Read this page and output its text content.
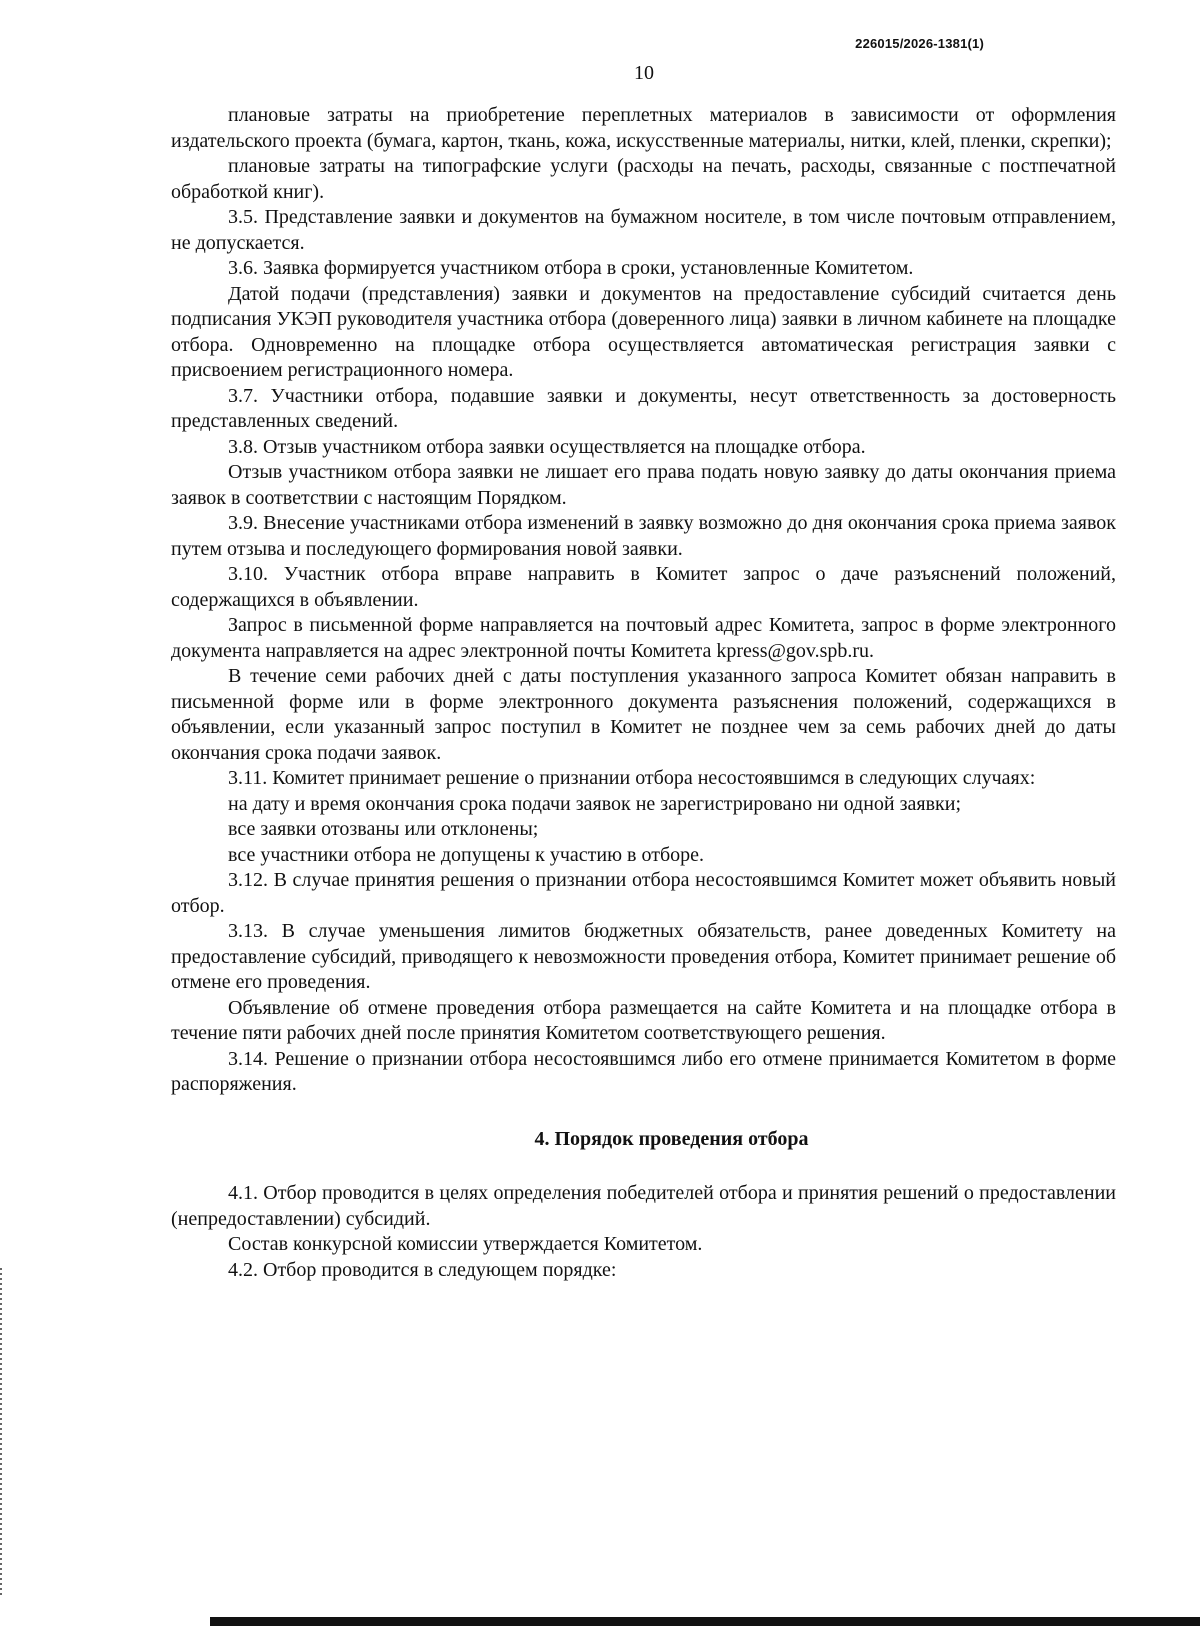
226015/2026-1381(1)
10

плановые затраты на приобретение переплетных материалов в зависимости от оформления издательского проекта (бумага, картон, ткань, кожа, искусственные материалы, нитки, клей, пленки, скрепки);

плановые затраты на типографские услуги (расходы на печать, расходы, связанные с постпечатной обработкой книг).

3.5. Представление заявки и документов на бумажном носителе, в том числе почтовым отправлением, не допускается.

3.6. Заявка формируется участником отбора в сроки, установленные Комитетом.

Датой подачи (представления) заявки и документов на предоставление субсидий считается день подписания УКЭП руководителя участника отбора (доверенного лица) заявки в личном кабинете на площадке отбора. Одновременно на площадке отбора осуществляется автоматическая регистрация заявки с присвоением регистрационного номера.

3.7. Участники отбора, подавшие заявки и документы, несут ответственность за достоверность представленных сведений.

3.8. Отзыв участником отбора заявки осуществляется на площадке отбора.

Отзыв участником отбора заявки не лишает его права подать новую заявку до даты окончания приема заявок в соответствии с настоящим Порядком.

3.9. Внесение участниками отбора изменений в заявку возможно до дня окончания срока приема заявок путем отзыва и последующего формирования новой заявки.

3.10. Участник отбора вправе направить в Комитет запрос о даче разъяснений положений, содержащихся в объявлении.

Запрос в письменной форме направляется на почтовый адрес Комитета, запрос в форме электронного документа направляется на адрес электронной почты Комитета kpress@gov.spb.ru.

В течение семи рабочих дней с даты поступления указанного запроса Комитет обязан направить в письменной форме или в форме электронного документа разъяснения положений, содержащихся в объявлении, если указанный запрос поступил в Комитет не позднее чем за семь рабочих дней до даты окончания срока подачи заявок.

3.11. Комитет принимает решение о признании отбора несостоявшимся в следующих случаях:

на дату и время окончания срока подачи заявок не зарегистрировано ни одной заявки;

все заявки отозваны или отклонены;

все участники отбора не допущены к участию в отборе.

3.12. В случае принятия решения о признании отбора несостоявшимся Комитет может объявить новый отбор.

3.13. В случае уменьшения лимитов бюджетных обязательств, ранее доведенных Комитету на предоставление субсидий, приводящего к невозможности проведения отбора, Комитет принимает решение об отмене его проведения.

Объявление об отмене проведения отбора размещается на сайте Комитета и на площадке отбора в течение пяти рабочих дней после принятия Комитетом соответствующего решения.

3.14. Решение о признании отбора несостоявшимся либо его отмене принимается Комитетом в форме распоряжения.

4. Порядок проведения отбора

4.1. Отбор проводится в целях определения победителей отбора и принятия решений о предоставлении (непредоставлении) субсидий.

Состав конкурсной комиссии утверждается Комитетом.

4.2. Отбор проводится в следующем порядке:
